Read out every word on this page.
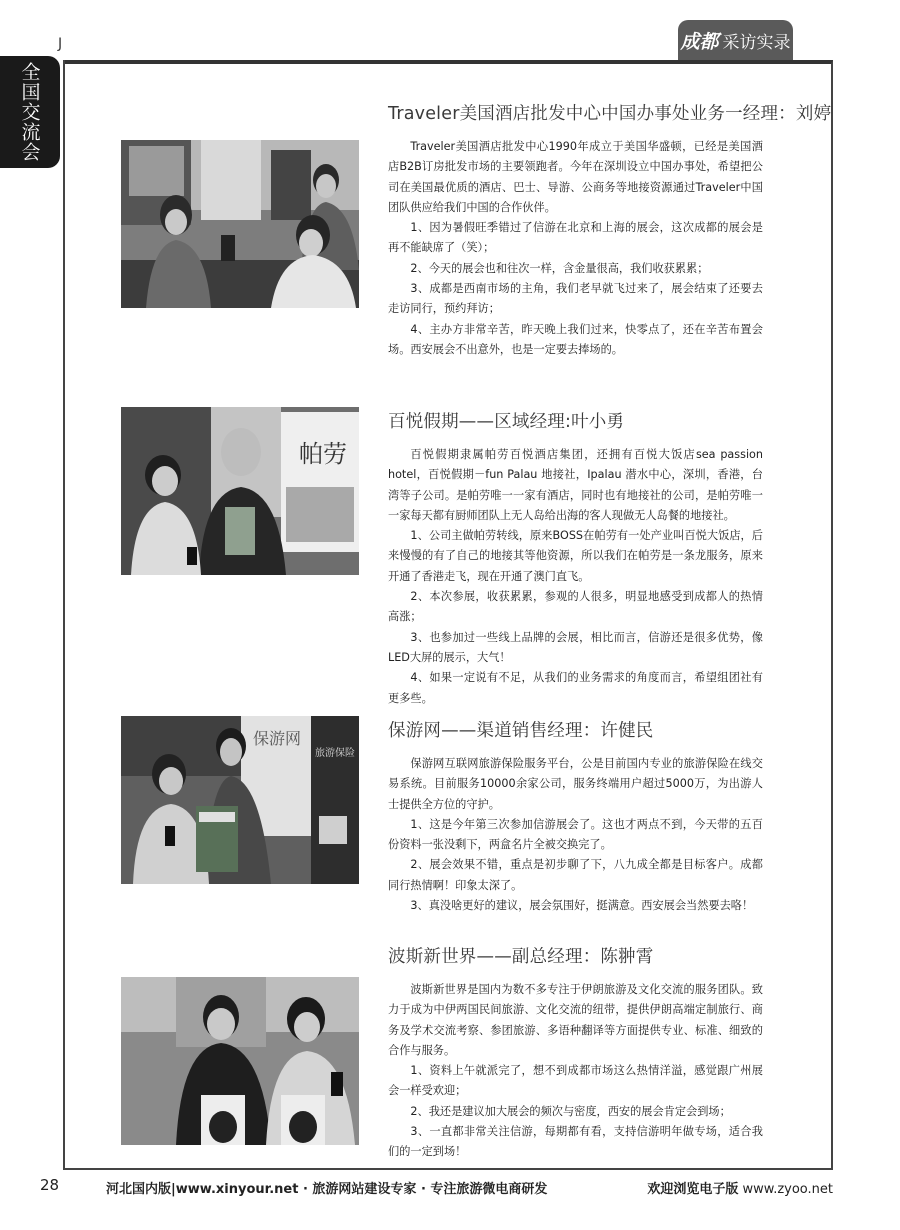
J	成都 采访实录
全国交流会	Traveler美国酒店批发中心中国办事处业务一经理：刘婷

Traveler美国酒店批发中心1990年成立于美国华盛顿，已经是美国酒店B2B订房批发市场的主要领跑者。今年在深圳设立中国办事处，希望把公司在美国最优质的酒店、巴士、导游、公商务等地接资源通过Traveler中国团队供应给我们中国的合作伙伴。

1、因为暑假旺季错过了信游在北京和上海的展会，这次成都的展会是再不能缺席了（笑）；

2、今天的展会也和往次一样，含金量很高，我们收获累累；

3、成都是西南市场的主角，我们老早就飞过来了，展会结束了还要去走访同行，预约拜访；

4、主办方非常辛苦，昨天晚上我们过来，快零点了，还在辛苦布置会场。西安展会不出意外，也是一定要去捧场的。

帕劳
百悦假期——区域经理:叶小勇

百悦假期隶属帕劳百悦酒店集团，还拥有百悦大饭店sea passion hotel，百悦假期－fun Palau 地接社，Ipalau 潜水中心，深圳，香港，台湾等子公司。是帕劳唯一一家有酒店，同时也有地接社的公司，是帕劳唯一一家每天都有厨师团队上无人岛给出海的客人现做无人岛餐的地接社。

1、公司主做帕劳转线，原来BOSS在帕劳有一处产业叫百悦大饭店，后来慢慢的有了自己的地接其等他资源，所以我们在帕劳是一条龙服务，原来开通了香港走飞，现在开通了澳门直飞。

2、本次参展，收获累累，参观的人很多，明显地感受到成都人的热情高涨；

3、也参加过一些线上品牌的会展，相比而言，信游还是很多优势，像LED大屏的展示，大气！

4、如果一定说有不足，从我们的业务需求的角度而言，希望组团社有更多些。

保游网
旅游保险
保游网——渠道销售经理：许健民

保游网互联网旅游保险服务平台，公是目前国内专业的旅游保险在线交易系统。目前服务10000余家公司，服务终端用户超过5000万，为出游人士提供全方位的守护。

1、这是今年第三次参加信游展会了。这也才两点不到，今天带的五百份资料一张没剩下，两盒名片全被交换完了。

2、展会效果不错，重点是初步聊了下，八九成全都是目标客户。成都同行热情啊！印象太深了。

3、真没啥更好的建议，展会氛围好，挺满意。西安展会当然要去咯！

波斯新世界——副总经理：陈翀霄

波斯新世界是国内为数不多专注于伊朗旅游及文化交流的服务团队。致力于成为中伊两国民间旅游、文化交流的纽带，提供伊朗高端定制旅行、商务及学术交流考察、参团旅游、多语种翻译等方面提供专业、标准、细致的合作与服务。

1、资料上午就派完了，想不到成都市场这么热情洋溢，感觉跟广州展会一样受欢迎；

2、我还是建议加大展会的频次与密度，西安的展会肯定会到场；

3、一直都非常关注信游，每期都有看，支持信游明年做专场，适合我们的一定到场！

28	河北国内版|www.xinyour.net · 旅游网站建设专家 · 专注旅游微电商研发	欢迎浏览电子版 www.zyoo.net
